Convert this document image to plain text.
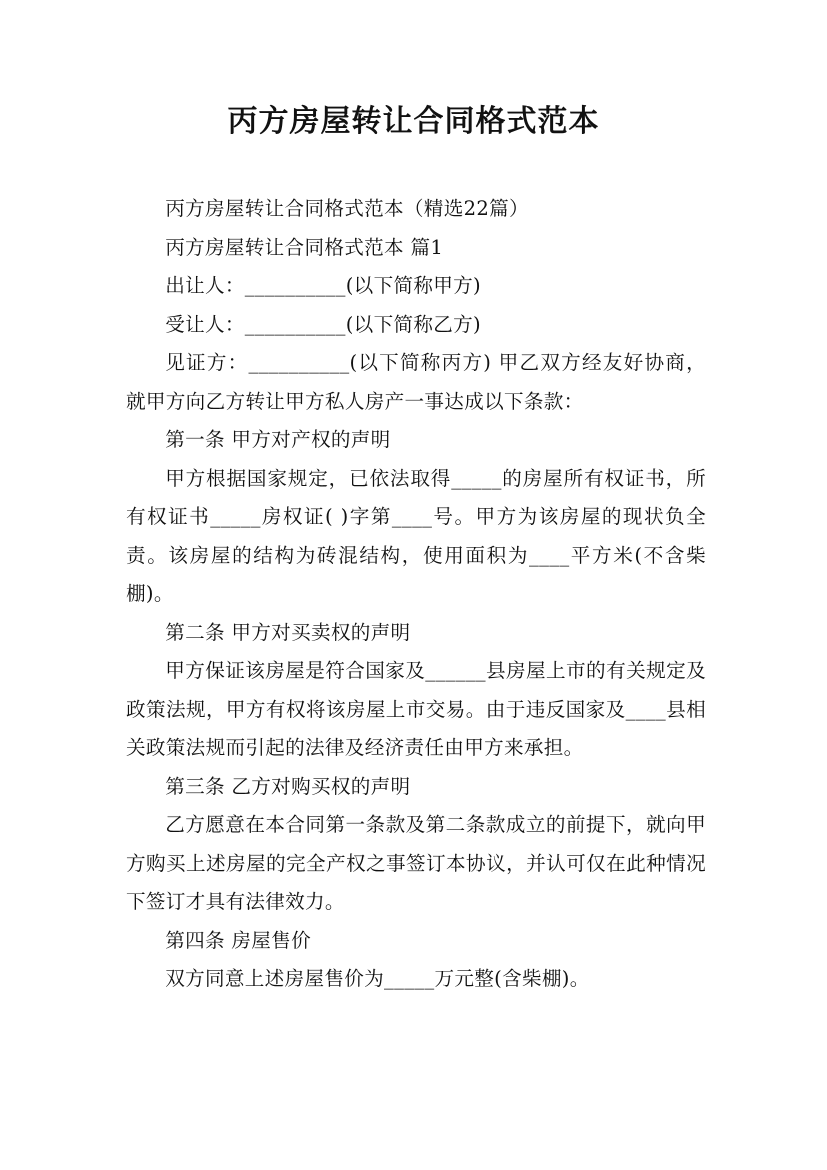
丙方房屋转让合同格式范本

丙方房屋转让合同格式范本（精选22篇）

丙方房屋转让合同格式范本 篇1

出让人：__________(以下简称甲方)

受让人：__________(以下简称乙方)

见证方：__________(以下简称丙方) 甲乙双方经友好协商，就甲方向乙方转让甲方私人房产一事达成以下条款：

第一条 甲方对产权的声明

甲方根据国家规定，已依法取得_____的房屋所有权证书，所有权证书_____房权证( )字第____号。甲方为该房屋的现状负全责。该房屋的结构为砖混结构，使用面积为____平方米(不含柴棚)。

第二条 甲方对买卖权的声明

甲方保证该房屋是符合国家及______县房屋上市的有关规定及政策法规，甲方有权将该房屋上市交易。由于违反国家及____县相关政策法规而引起的法律及经济责任由甲方来承担。

第三条 乙方对购买权的声明

乙方愿意在本合同第一条款及第二条款成立的前提下，就向甲方购买上述房屋的完全产权之事签订本协议，并认可仅在此种情况下签订才具有法律效力。

第四条 房屋售价

双方同意上述房屋售价为_____万元整(含柴棚)。
